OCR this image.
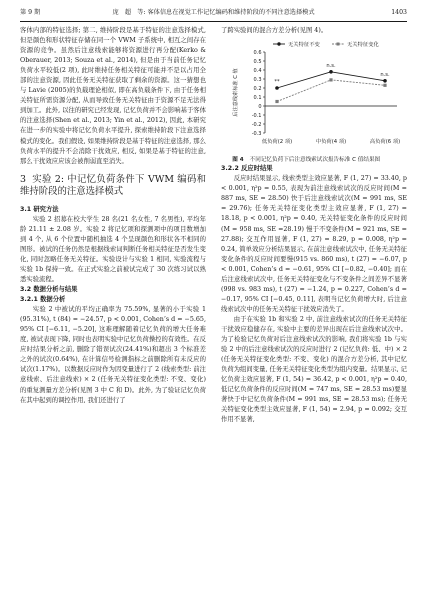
第 9 期	庞　超　等: 客体信息在视觉工作记忆编码和维持阶段的不同注意选择模式	1403

客体内部的特征选择; 第二, 维持阶段是基于特征的注意选择模式, 但是颜色和形状特征存储在同一个 VWM 子系统中, 相互之间存在资源的竞争。虽然后注意线索能够将资源进行再分配(Kerko & Oberauer, 2013; Souza et al., 2014), 但是由于当前任务记忆负荷水平较低(2 项), 此时维持任务相关特征可能并不是以占用全部的注意资源, 因此任务无关特征获取了剩余的资源。这一猜想也与 Lavie (2005)的负载理论相似, 即在高负载条件下, 由于任务相关特征所需资源分配, 从而导致任务无关特征由于资源不足无法得到加工。此外, 以往的研究已经发现, 记忆负荷并不会影响基于客体的注意选择(Shen et al., 2013; Yin et al., 2012), 因此, 本研究在进一步的实验中将记忆负荷水平提升, 探索维持阶段下注意选择模式的变化。我们假设, 如果维持阶段是基于特征的注意选择, 那么负荷水平的提升不会消除干扰效应, 相反, 如果是基于特征的注意, 那么干扰效应应该会被削弱直至消失。

3 实验 2: 中记忆负荷条件下 VWM 编码和维持阶段的注意选择模式

3.1 研究方法

实验 2 招募在校大学生 28 名(21 名女性, 7 名男性), 平均年龄 21.11 ± 2.08 岁。实验 2 将记忆项和探测项中的项目数增加到 4 个, 从 6 个位置中随机抽选 4 个呈现颜色和形状各不相同的图形。被试的任务仍然是根据线索词判断任务相关特征是否发生变化, 同时忽略任务无关特征。实验设计与实验 1 相同, 实验流程与实验 1b 保持一致。在正式实验之前被试完成了 30 次练习试以熟悉实验流程。

3.2 数据分析与结果

3.2.1 数据分析

实验 2 中被试的平均正确率为 75.59%, 显著的小于实验 1 (95.31%), t (84) = −24.57, p < 0.001, Cohen’s d = −5.65, 95% CI [−6.11, −5.20], 这难理解随着记忆负荷的增大任务难度, 被试表现下降, 同时也表明实验中记忆负荷操控的有效性。在反应时结果分析之前, 删除了错误试次(24.41%)和超出 3 个标准差之外的试次(0.64%), 在计算信号检测指标之前删除所有未反应的试次(1.17%)。以数据反应时作为因变量进行了 2 (线索类型: 前注意线索、后注意线索) × 2 (任务无关特征变化类型: 不变、变化) 的重复测量方差分析(见图 3 中 C 和 D)。此外, 为了验证记忆负荷在其中起到的调控作用, 我们还进行了

了跨实验间的混合方差分析(见图 4)。

无关特征不变	无关特征变化
0.6
0.5
0.4
0.3
0.2
0.1
0
-0.1
-0.2
-0.3
后注意线索标准 C 值
低负荷(2 项)	中负荷(4 项)	高负荷(6 项)
**
n.s.
n.s.

图 4 不同记忆负荷下后注意线索试次报告标准 C 值结果图

3.2.2 反应时结果

反应时结果显示, 线索类型主效应显著, F (1, 27) = 33.40, p < 0.001, η²p = 0.55, 表现为前注意线索试次的反应时间(M = 887 ms, SE = 28.50) 快于后注意线索试次(M = 991 ms, SE = 29.76); 任务无关特征变化类型主效应显著, F (1, 27) = 18.18, p < 0.001, η²p = 0.40, 无关特征变化条件的反应时间(M = 958 ms, SE =28.19) 慢于不变条件(M = 921 ms, SE = 27.88); 交互作用显著, F (1, 27) = 8.29, p = 0.008, η²p = 0.24, 简单效应分析结果显示, 在前注意线索试次中, 任务无关特征变化条件的反应时间要慢(915 vs. 860 ms), t (27) = −6.07, p < 0.001, Cohen’s d = −0.61, 95% CI [−0.82, −0.40]; 而在后注意线索试次中, 任务无关特征变化与不变条件之间差异不显著(998 vs. 983 ms), t (27) = −1.24, p = 0.227, Cohen’s d = −0.17, 95% CI [−0.45, 0.11], 表明当记忆负荷增大时, 后注意线索试次中的任务无关特征干扰效应消失了。

由于在实验 1b 和实验 2 中, 前注意线索试次的任务无关特征干扰效应稳健存在, 实验中主要的差异出现在后注意线索试次中。为了检验记忆负荷对后注意线索试次的影响, 我们将实验 1b 与实验 2 中的后注意线索试次的反应时进行 2 (记忆负荷: 低、中) × 2 (任务无关特征变化类型: 不变、变化) 的混合方差分析, 其中记忆负荷为组间变量, 任务无关特征变化类型为组内变量。结果显示, 记忆负荷主效应显著, F (1, 54) = 36.42, p < 0.001, η²p = 0.40, 低记忆负荷条件的反应时间(M = 747 ms, SE = 28.53 ms)要显著快于中记忆负荷条件(M = 991 ms, SE = 28.53 ms); 任务无关特征变化类型主效应显著, F (1, 54) = 2.94, p = 0.092; 交互作用不显著,
